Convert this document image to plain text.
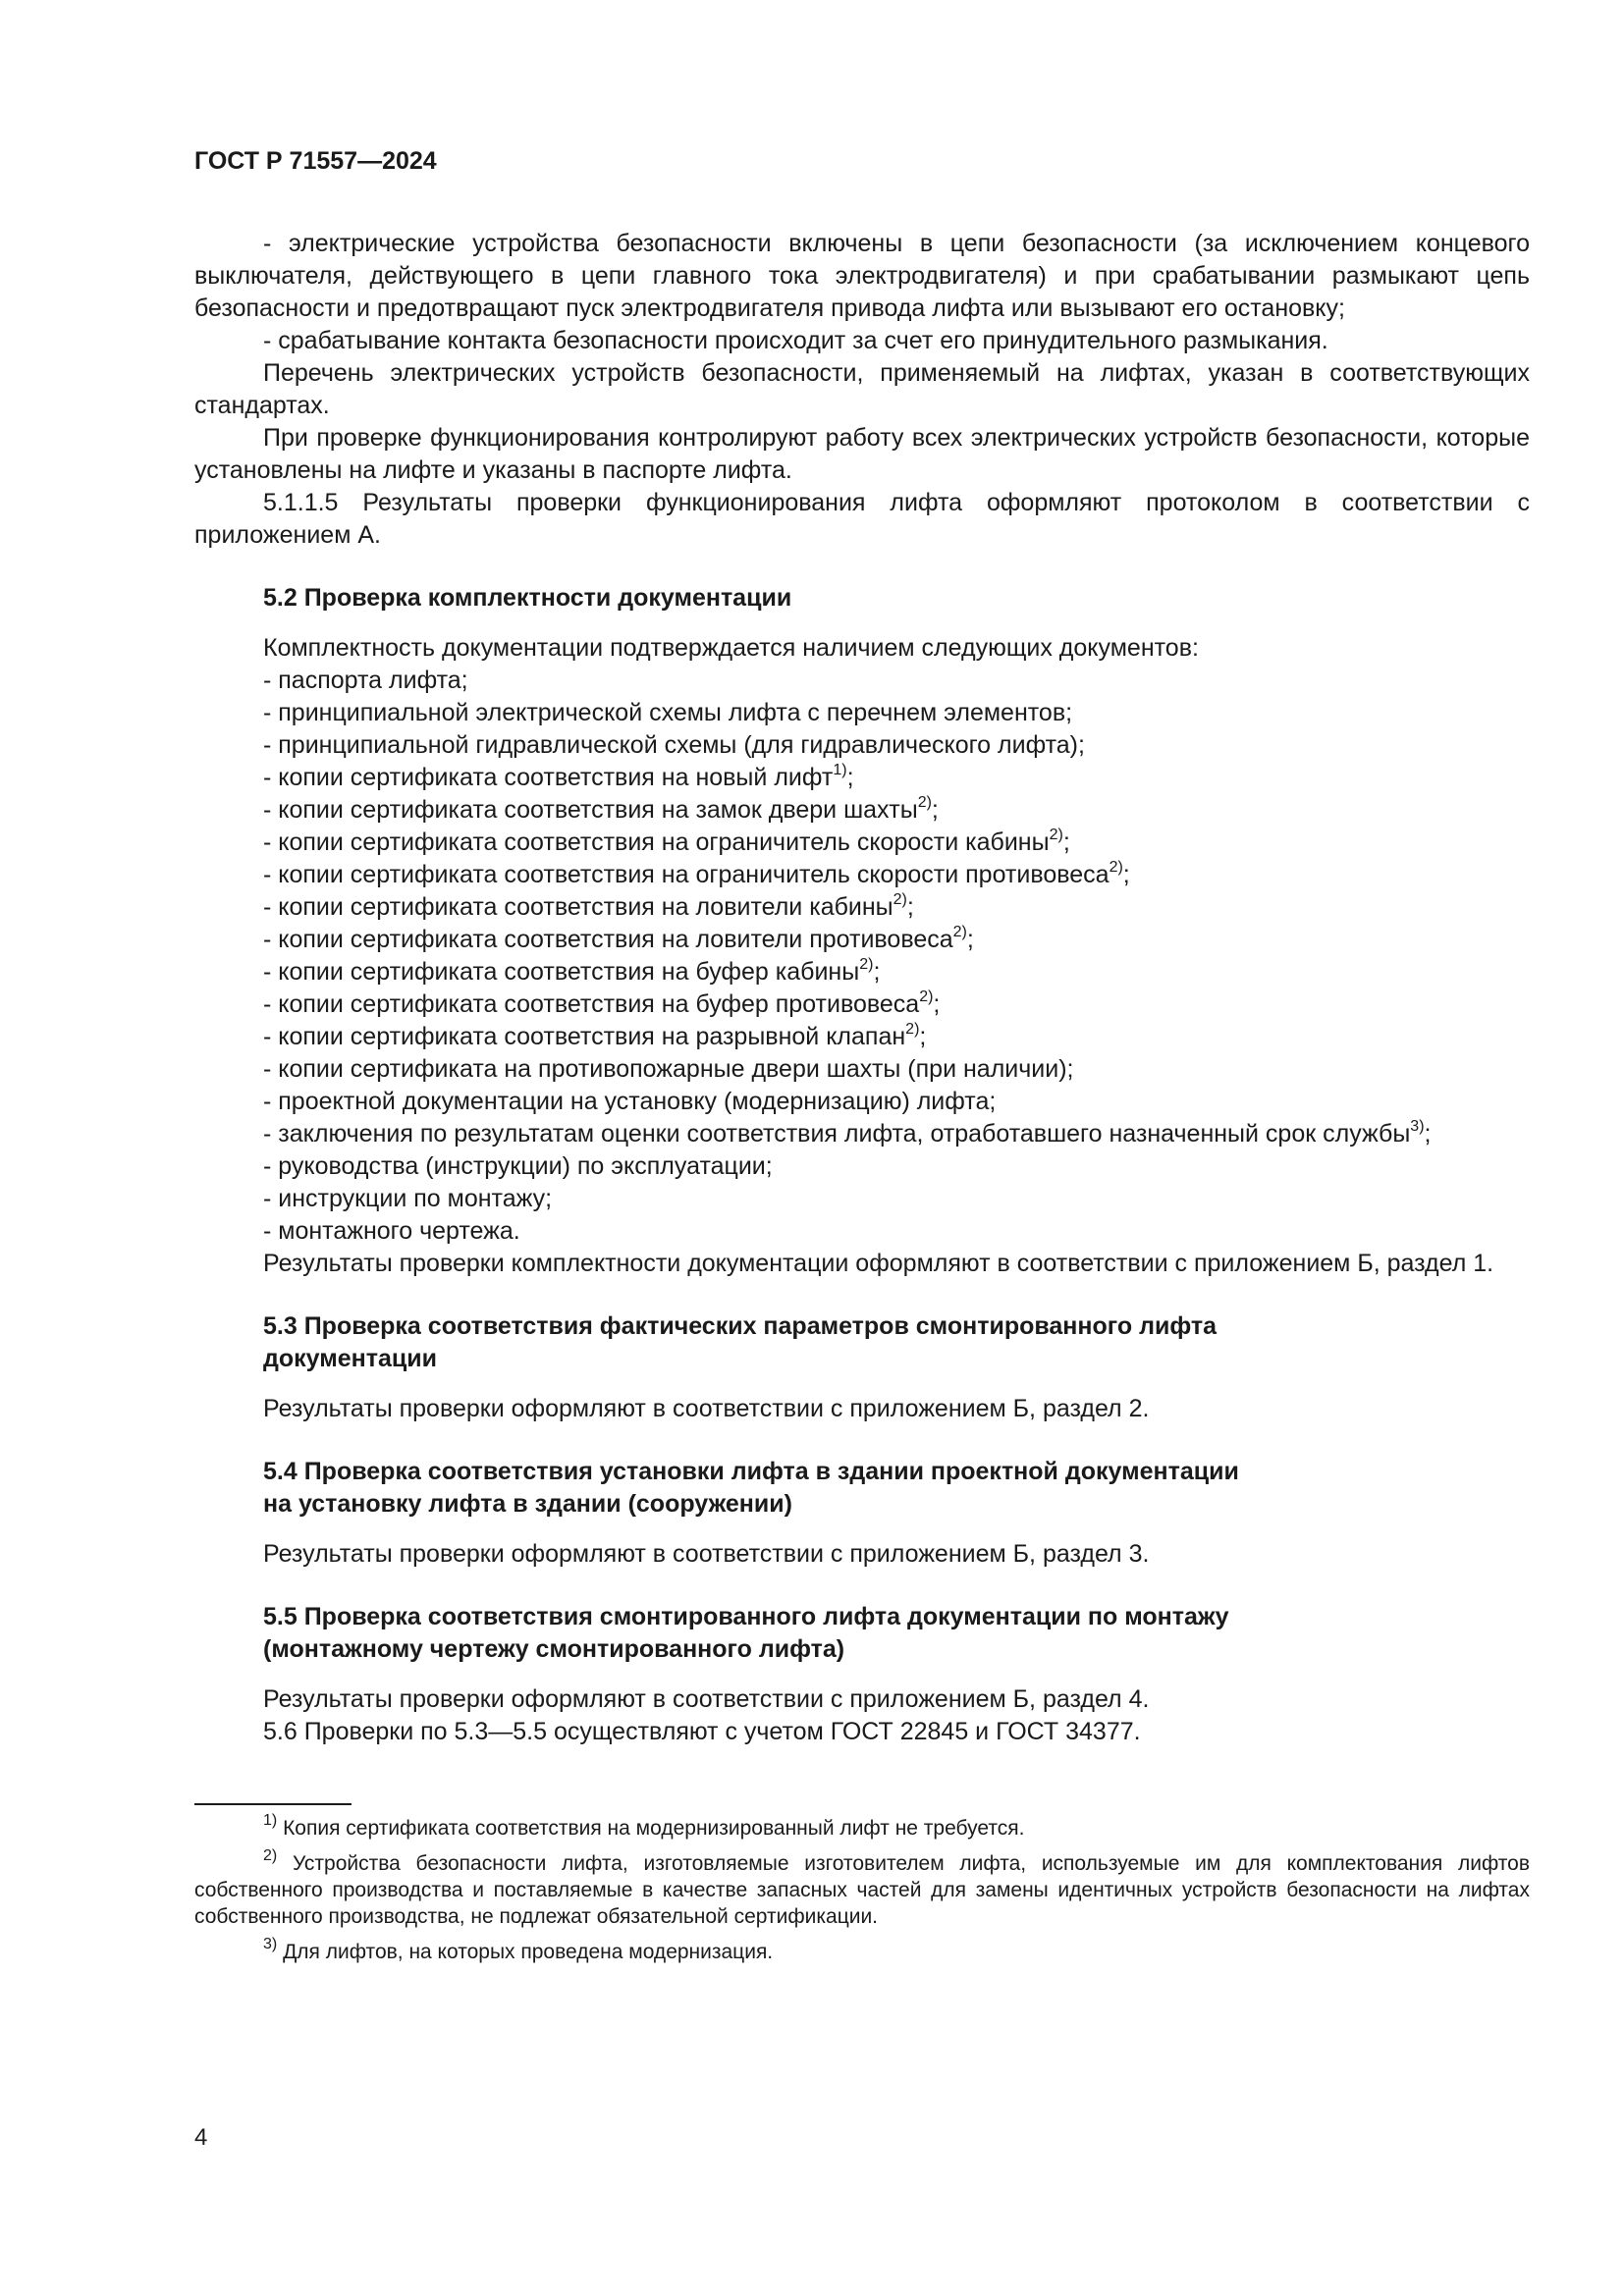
ГОСТ Р 71557—2024

- электрические устройства безопасности включены в цепи безопасности (за исключением концевого выключателя, действующего в цепи главного тока электродвигателя) и при срабатывании размыкают цепь безопасности и предотвращают пуск электродвигателя привода лифта или вызывают его остановку;

- срабатывание контакта безопасности происходит за счет его принудительного размыкания.

Перечень электрических устройств безопасности, применяемый на лифтах, указан в соответствующих стандартах.

При проверке функционирования контролируют работу всех электрических устройств безопасности, которые установлены на лифте и указаны в паспорте лифта.

5.1.1.5 Результаты проверки функционирования лифта оформляют протоколом в соответствии с приложением А.

5.2 Проверка комплектности документации

Комплектность документации подтверждается наличием следующих документов:

- паспорта лифта;

- принципиальной электрической схемы лифта с перечнем элементов;

- принципиальной гидравлической схемы (для гидравлического лифта);

- копии сертификата соответствия на новый лифт$^{1)}$;

- копии сертификата соответствия на замок двери шахты$^{2)}$;

- копии сертификата соответствия на ограничитель скорости кабины$^{2)}$;

- копии сертификата соответствия на ограничитель скорости противовеса$^{2)}$;

- копии сертификата соответствия на ловители кабины$^{2)}$;

- копии сертификата соответствия на ловители противовеса$^{2)}$;

- копии сертификата соответствия на буфер кабины$^{2)}$;

- копии сертификата соответствия на буфер противовеса$^{2)}$;

- копии сертификата соответствия на разрывной клапан$^{2)}$;

- копии сертификата на противопожарные двери шахты (при наличии);

- проектной документации на установку (модернизацию) лифта;

- заключения по результатам оценки соответствия лифта, отработавшего назначенный срок службы$^{3)}$;

- руководства (инструкции) по эксплуатации;

- инструкции по монтажу;

- монтажного чертежа.

Результаты проверки комплектности документации оформляют в соответствии с приложением Б, раздел 1.

5.3 Проверка соответствия фактических параметров смонтированного лифта
документации

Результаты проверки оформляют в соответствии с приложением Б, раздел 2.

5.4 Проверка соответствия установки лифта в здании проектной документации
на установку лифта в здании (сооружении)

Результаты проверки оформляют в соответствии с приложением Б, раздел 3.

5.5 Проверка соответствия смонтированного лифта документации по монтажу
(монтажному чертежу смонтированного лифта)

Результаты проверки оформляют в соответствии с приложением Б, раздел 4.

5.6 Проверки по 5.3—5.5 осуществляют с учетом ГОСТ 22845 и ГОСТ 34377.

$^{1)}$ Копия сертификата соответствия на модернизированный лифт не требуется.

$^{2)}$ Устройства безопасности лифта, изготовляемые изготовителем лифта, используемые им для комплектования лифтов собственного производства и поставляемые в качестве запасных частей для замены идентичных устройств безопасности на лифтах собственного производства, не подлежат обязательной сертификации.

$^{3)}$ Для лифтов, на которых проведена модернизация.

4
